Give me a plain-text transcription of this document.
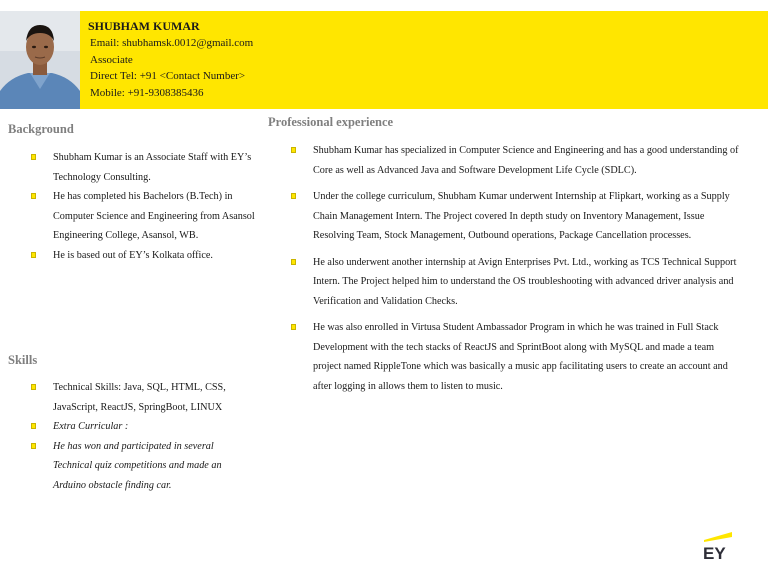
SHUBHAM KUMAR
Email: shubhamsk.0012@gmail.com
Associate
Direct Tel: +91 <Contact Number>
Mobile: +91-9308385436
Background
Shubham Kumar is an Associate Staff with EY’s Technology Consulting.
He has completed his Bachelors (B.Tech) in Computer Science and Engineering from Asansol Engineering College, Asansol, WB.
He is based out of EY’s Kolkata office.
Skills
Technical Skills: Java, SQL, HTML, CSS, JavaScript, ReactJS, SpringBoot, LINUX
Extra Curricular :
He has won and participated in several Technical quiz competitions and made an Arduino obstacle finding car.
Professional experience
Shubham Kumar has specialized in Computer Science and Engineering and has a good understanding of Core as well as Advanced Java and Software Development Life Cycle (SDLC).
Under the college curriculum, Shubham Kumar underwent Internship at Flipkart, working as a Supply Chain Management Intern. The Project covered In depth study on Inventory Management, Issue Resolving Team, Stock Management, Outbound operations, Package Cancellation processes.
He also underwent another internship at Avign Enterprises Pvt. Ltd., working as TCS Technical Support Intern. The Project helped him to understand the OS troubleshooting with advanced driver analysis and Verification and Validation Checks.
He was also enrolled in Virtusa Student Ambassador Program in which he was trained in Full Stack Development with the tech stacks of ReactJS and SprintBoot along with MySQL and made a team project named RippleTone which was basically a music app facilitating users to create an account and after logging in allows them to listen to music.
EY
